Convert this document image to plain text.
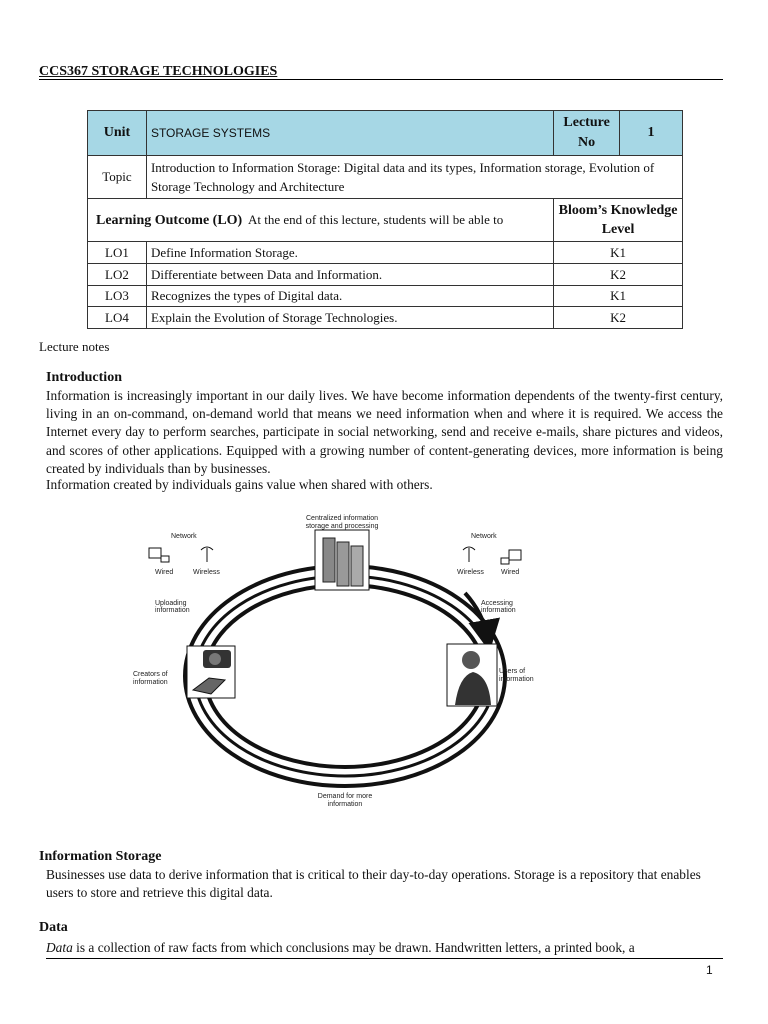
CCS367 STORAGE TECHNOLOGIES
Unit	STORAGE SYSTEMS	Lecture No	1
Topic	Introduction to Information Storage: Digital data and its types, Information storage, Evolution of Storage Technology and Architecture		
Learning Outcome (LO) At the end of this lecture, students will be able to		Bloom’s Knowledge Level	
LO1	Define Information Storage.	K1	
LO2	Differentiate between Data and Information.	K2	
LO3	Recognizes the types of Digital data.	K1	
LO4	Explain the Evolution of Storage Technologies.	K2	
Lecture notes
Introduction

Information is increasingly important in our daily lives. We have become information dependents of the twenty-first century, living in an on-command, on-demand world that means we need information when and where it is required. We access the Internet every day to perform searches, participate in social networking, send and receive e-mails, share pictures and videos, and scores of other applications. Equipped with a growing number of content-generating devices, more information is being created by individuals than by businesses.

Information created by individuals gains value when shared with others.
Centralized information
storage and processing
Network	Network
Wired	Wireless	Wireless Wired
Uploading
information
Accessing
information
Creators of
information
Users of
information
Demand for more
information
Information Storage

Businesses use data to derive information that is critical to their day-to-day operations. Storage is a repository that enables users to store and retrieve this digital data.

Data

Data is a collection of raw facts from which conclusions may be drawn. Handwritten letters, a printed book, a

1
